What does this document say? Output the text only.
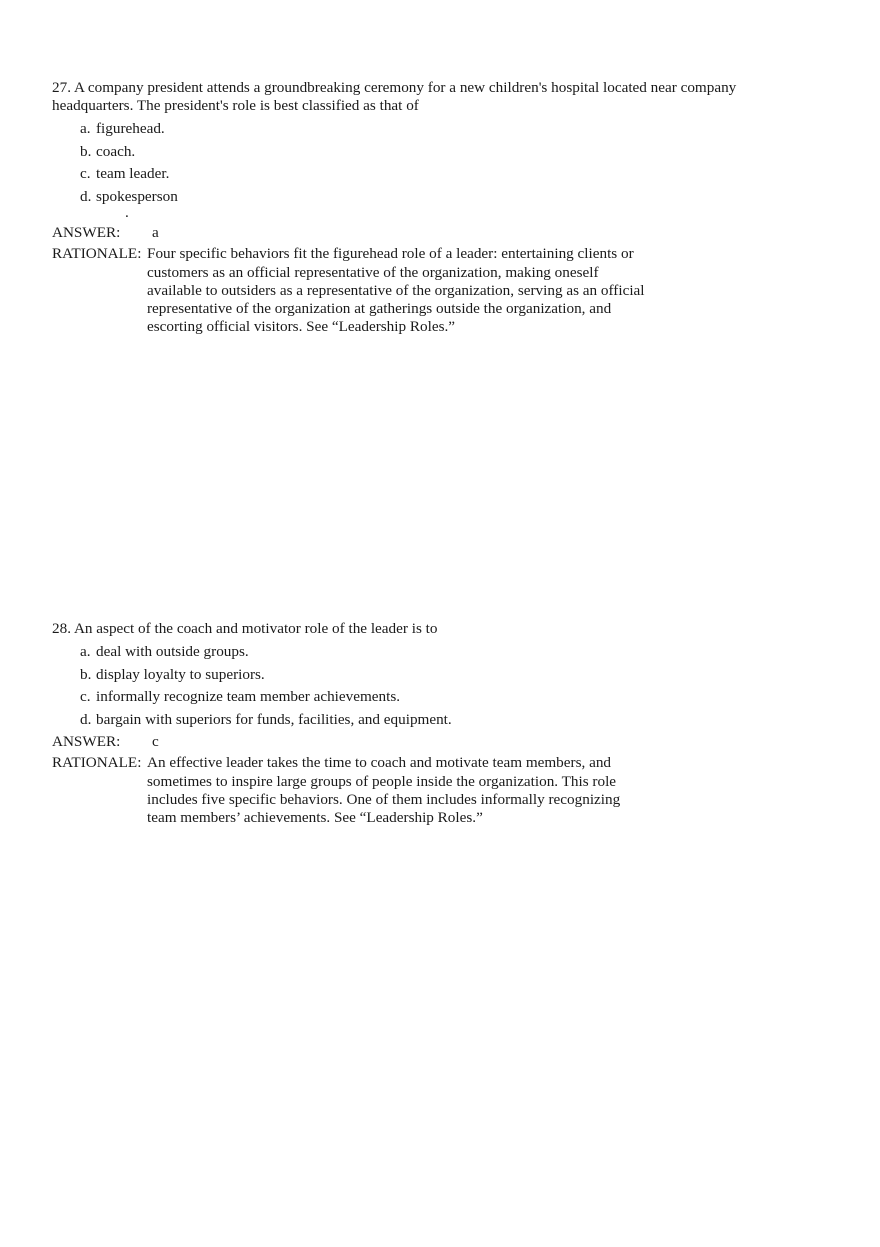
27. A company president attends a groundbreaking ceremony for a new children's hospital located near company
headquarters. The president's role is best classified as that of

a. figurehead.
b. coach.
c. team leader.
d. spokesperson
.
ANSWER:	a
RATIONALE: Four specific behaviors fit the figurehead role of a leader: entertaining clients or
customers as an official representative of the organization, making oneself
available to outsiders as a representative of the organization, serving as an official
representative of the organization at gatherings outside the organization, and
escorting official visitors. See “Leadership Roles.”

28. An aspect of the coach and motivator role of the leader is to

a. deal with outside groups.
b. display loyalty to superiors.
c. informally recognize team member achievements.
d. bargain with superiors for funds, facilities, and equipment.
ANSWER:	c
RATIONALE: An effective leader takes the time to coach and motivate team members, and
sometimes to inspire large groups of people inside the organization. This role
includes five specific behaviors. One of them includes informally recognizing
team members’ achievements. See “Leadership Roles.”
